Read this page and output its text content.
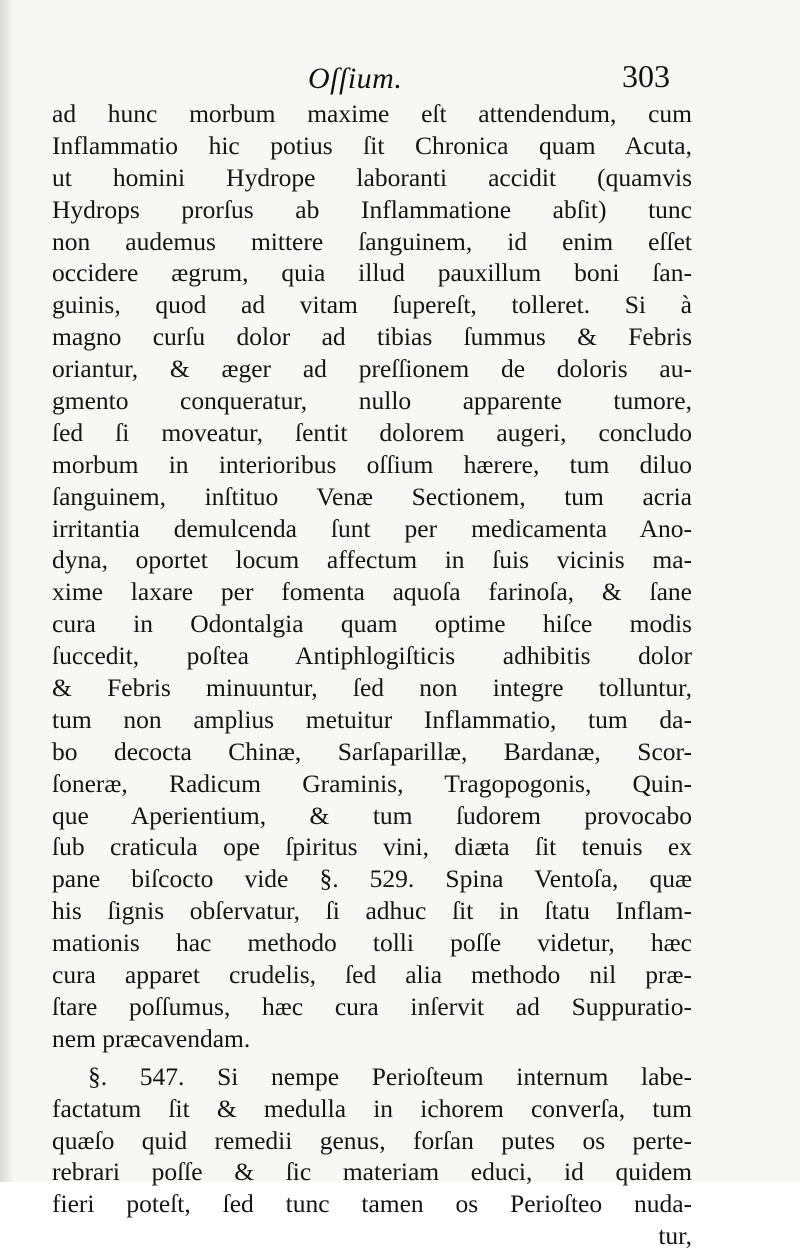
Oſſium.	303
ad hunc morbum maxime eſt attendendum, cum
Inflammatio hic potius ſit Chronica quam Acuta,
ut homini Hydrope laboranti accidit (quamvis
Hydrops prorſus ab Inflammatione abſit) tunc
non audemus mittere ſanguinem, id enim eſſet
occidere ægrum, quia illud pauxillum boni ſan-
guinis, quod ad vitam ſupereſt, tolleret. Si à
magno curſu dolor ad tibias ſummus & Febris
oriantur, & æger ad preſſionem de doloris au-
gmento conqueratur, nullo apparente tumore,
ſed ſi moveatur, ſentit dolorem augeri, concludo
morbum in interioribus oſſium hærere, tum diluo
ſanguinem, inſtituo Venæ Sectionem, tum acria
irritantia demulcenda ſunt per medicamenta Ano-
dyna, oportet locum affectum in ſuis vicinis ma-
xime laxare per fomenta aquoſa farinoſa, & ſane
cura in Odontalgia quam optime hiſce modis
ſuccedit, poſtea Antiphlogiſticis adhibitis dolor
& Febris minuuntur, ſed non integre tolluntur,
tum non amplius metuitur Inflammatio, tum da-
bo decocta Chinæ, Sarſaparillæ, Bardanæ, Scor-
ſoneræ, Radicum Graminis, Tragopogonis, Quin-
que Aperientium, & tum ſudorem provocabo
ſub craticula ope ſpiritus vini, diæta ſit tenuis ex
pane biſcocto vide §. 529. Spina Ventoſa, quæ
his ſignis obſervatur, ſi adhuc ſit in ſtatu Inflam-
mationis hac methodo tolli poſſe videtur, hæc
cura apparet crudelis, ſed alia methodo nil præ-
ſtare poſſumus, hæc cura inſervit ad Suppuratio-
nem præcavendam.
§. 547. Si nempe Perioſteum internum labe-
factatum ſit & medulla in ichorem converſa, tum
quæſo quid remedii genus, forſan putes os perte-
rebrari poſſe & ſic materiam educi, id quidem
fieri poteſt, ſed tunc tamen os Perioſteo nuda-
tur,
